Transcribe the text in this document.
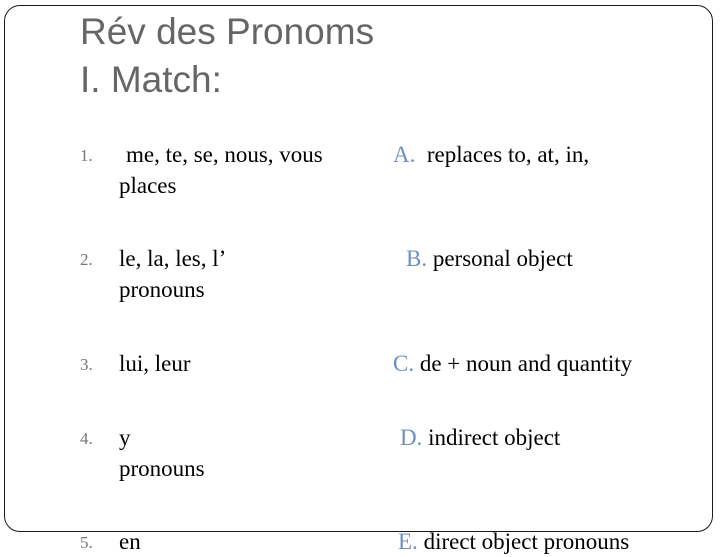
Rév des Pronoms
I. Match:
1.	me, te, se, nous, vous
places
2. le, la, les, l’
pronouns
3. lui, leur
4. y
pronouns
5. en
A. replaces to, at, in,
B. personal object
C. de + noun and quantity
D. indirect object
E. direct object pronouns
